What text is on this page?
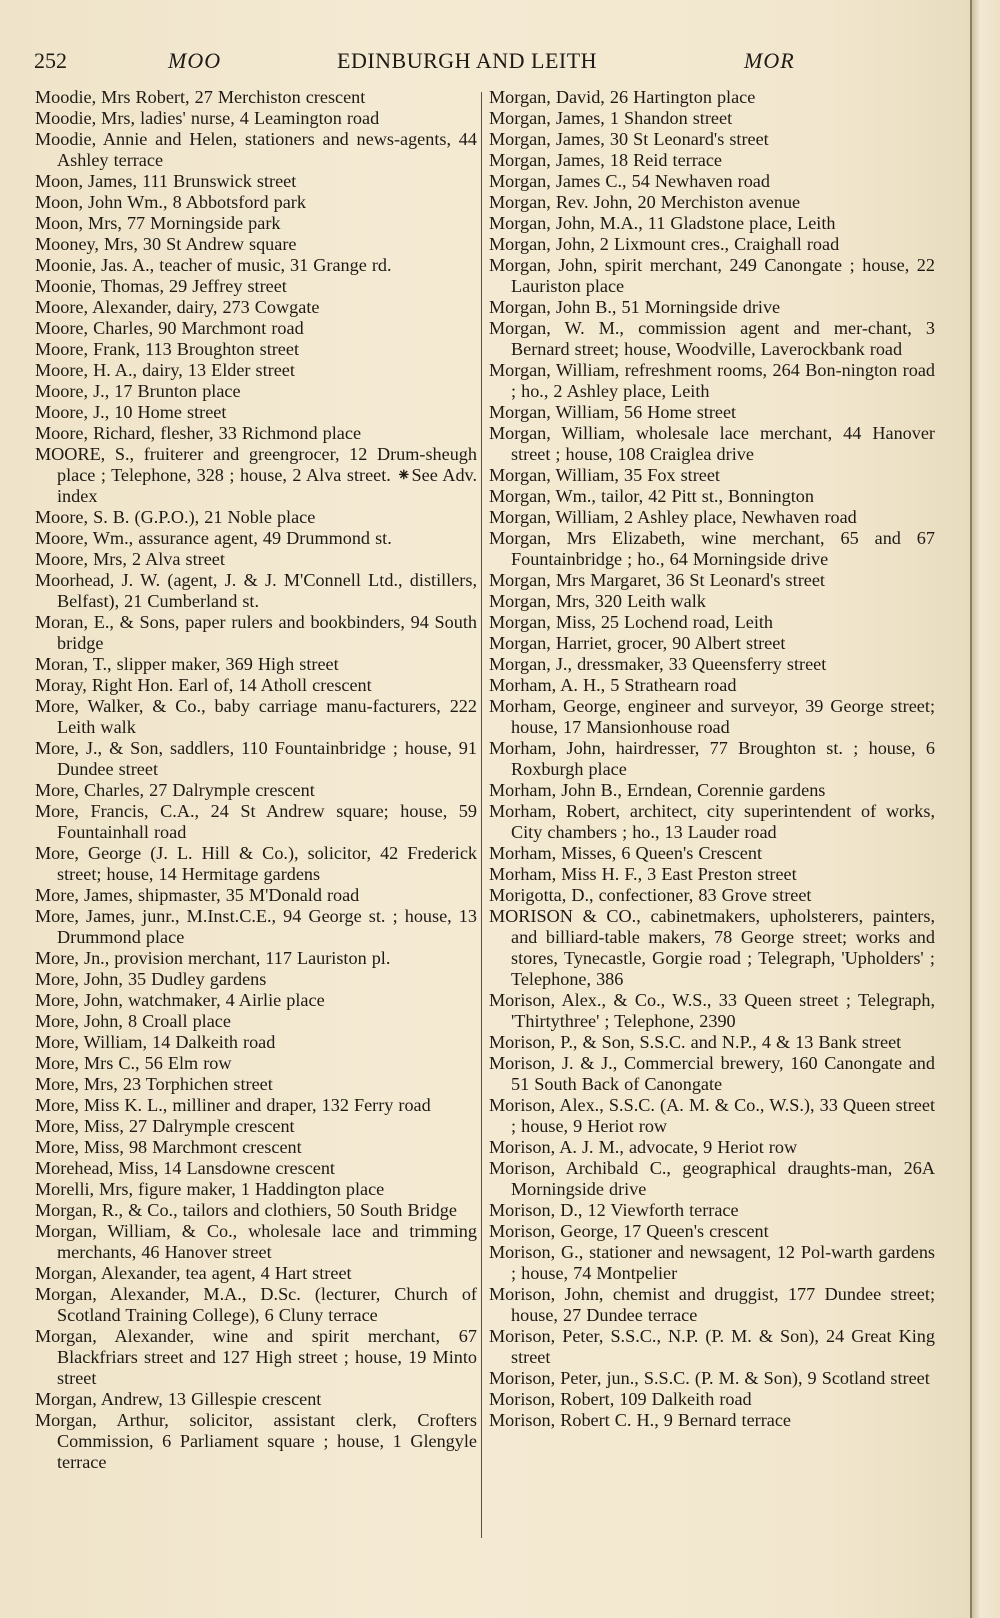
252	MOO	EDINBURGH AND LEITH	MOR

Moodie, Mrs Robert, 27 Merchiston crescent

Moodie, Mrs, ladies' nurse, 4 Leamington road

Moodie, Annie and Helen, stationers and news-agents, 44 Ashley terrace

Moon, James, 111 Brunswick street

Moon, John Wm., 8 Abbotsford park

Moon, Mrs, 77 Morningside park

Mooney, Mrs, 30 St Andrew square

Moonie, Jas. A., teacher of music, 31 Grange rd.

Moonie, Thomas, 29 Jeffrey street

Moore, Alexander, dairy, 273 Cowgate

Moore, Charles, 90 Marchmont road

Moore, Frank, 113 Broughton street

Moore, H. A., dairy, 13 Elder street

Moore, J., 17 Brunton place

Moore, J., 10 Home street

Moore, Richard, flesher, 33 Richmond place

MOORE, S., fruiterer and greengrocer, 12 Drum-sheugh place ; Telephone, 328 ; house, 2 Alva street. ⁕See Adv. index

Moore, S. B. (G.P.O.), 21 Noble place

Moore, Wm., assurance agent, 49 Drummond st.

Moore, Mrs, 2 Alva street

Moorhead, J. W. (agent, J. & J. M'Connell Ltd., distillers, Belfast), 21 Cumberland st.

Moran, E., & Sons, paper rulers and bookbinders, 94 South bridge

Moran, T., slipper maker, 369 High street

Moray, Right Hon. Earl of, 14 Atholl crescent

More, Walker, & Co., baby carriage manu-facturers, 222 Leith walk

More, J., & Son, saddlers, 110 Fountainbridge ; house, 91 Dundee street

More, Charles, 27 Dalrymple crescent

More, Francis, C.A., 24 St Andrew square; house, 59 Fountainhall road

More, George (J. L. Hill & Co.), solicitor, 42 Frederick street; house, 14 Hermitage gardens

More, James, shipmaster, 35 M'Donald road

More, James, junr., M.Inst.C.E., 94 George st. ; house, 13 Drummond place

More, Jn., provision merchant, 117 Lauriston pl.

More, John, 35 Dudley gardens

More, John, watchmaker, 4 Airlie place

More, John, 8 Croall place

More, William, 14 Dalkeith road

More, Mrs C., 56 Elm row

More, Mrs, 23 Torphichen street

More, Miss K. L., milliner and draper, 132 Ferry road

More, Miss, 27 Dalrymple crescent

More, Miss, 98 Marchmont crescent

Morehead, Miss, 14 Lansdowne crescent

Morelli, Mrs, figure maker, 1 Haddington place

Morgan, R., & Co., tailors and clothiers, 50 South Bridge

Morgan, William, & Co., wholesale lace and trimming merchants, 46 Hanover street

Morgan, Alexander, tea agent, 4 Hart street

Morgan, Alexander, M.A., D.Sc. (lecturer, Church of Scotland Training College), 6 Cluny terrace

Morgan, Alexander, wine and spirit merchant, 67 Blackfriars street and 127 High street ; house, 19 Minto street

Morgan, Andrew, 13 Gillespie crescent

Morgan, Arthur, solicitor, assistant clerk, Crofters Commission, 6 Parliament square ; house, 1 Glengyle terrace

Morgan, David, 26 Hartington place

Morgan, James, 1 Shandon street

Morgan, James, 30 St Leonard's street

Morgan, James, 18 Reid terrace

Morgan, James C., 54 Newhaven road

Morgan, Rev. John, 20 Merchiston avenue

Morgan, John, M.A., 11 Gladstone place, Leith

Morgan, John, 2 Lixmount cres., Craighall road

Morgan, John, spirit merchant, 249 Canongate ; house, 22 Lauriston place

Morgan, John B., 51 Morningside drive

Morgan, W. M., commission agent and mer-chant, 3 Bernard street; house, Woodville, Laverockbank road

Morgan, William, refreshment rooms, 264 Bon-nington road ; ho., 2 Ashley place, Leith

Morgan, William, 56 Home street

Morgan, William, wholesale lace merchant, 44 Hanover street ; house, 108 Craiglea drive

Morgan, William, 35 Fox street

Morgan, Wm., tailor, 42 Pitt st., Bonnington

Morgan, William, 2 Ashley place, Newhaven road

Morgan, Mrs Elizabeth, wine merchant, 65 and 67 Fountainbridge ; ho., 64 Morningside drive

Morgan, Mrs Margaret, 36 St Leonard's street

Morgan, Mrs, 320 Leith walk

Morgan, Miss, 25 Lochend road, Leith

Morgan, Harriet, grocer, 90 Albert street

Morgan, J., dressmaker, 33 Queensferry street

Morham, A. H., 5 Strathearn road

Morham, George, engineer and surveyor, 39 George street; house, 17 Mansionhouse road

Morham, John, hairdresser, 77 Broughton st. ; house, 6 Roxburgh place

Morham, John B., Erndean, Corennie gardens

Morham, Robert, architect, city superintendent of works, City chambers ; ho., 13 Lauder road

Morham, Misses, 6 Queen's Crescent

Morham, Miss H. F., 3 East Preston street

Morigotta, D., confectioner, 83 Grove street

MORISON & CO., cabinetmakers, upholsterers, painters, and billiard-table makers, 78 George street; works and stores, Tynecastle, Gorgie road ; Telegraph, 'Upholders' ; Telephone, 386

Morison, Alex., & Co., W.S., 33 Queen street ; Telegraph, 'Thirtythree' ; Telephone, 2390

Morison, P., & Son, S.S.C. and N.P., 4 & 13 Bank street

Morison, J. & J., Commercial brewery, 160 Canongate and 51 South Back of Canongate

Morison, Alex., S.S.C. (A. M. & Co., W.S.), 33 Queen street ; house, 9 Heriot row

Morison, A. J. M., advocate, 9 Heriot row

Morison, Archibald C., geographical draughts-man, 26A Morningside drive

Morison, D., 12 Viewforth terrace

Morison, George, 17 Queen's crescent

Morison, G., stationer and newsagent, 12 Pol-warth gardens ; house, 74 Montpelier

Morison, John, chemist and druggist, 177 Dundee street; house, 27 Dundee terrace

Morison, Peter, S.S.C., N.P. (P. M. & Son), 24 Great King street

Morison, Peter, jun., S.S.C. (P. M. & Son), 9 Scotland street

Morison, Robert, 109 Dalkeith road

Morison, Robert C. H., 9 Bernard terrace
